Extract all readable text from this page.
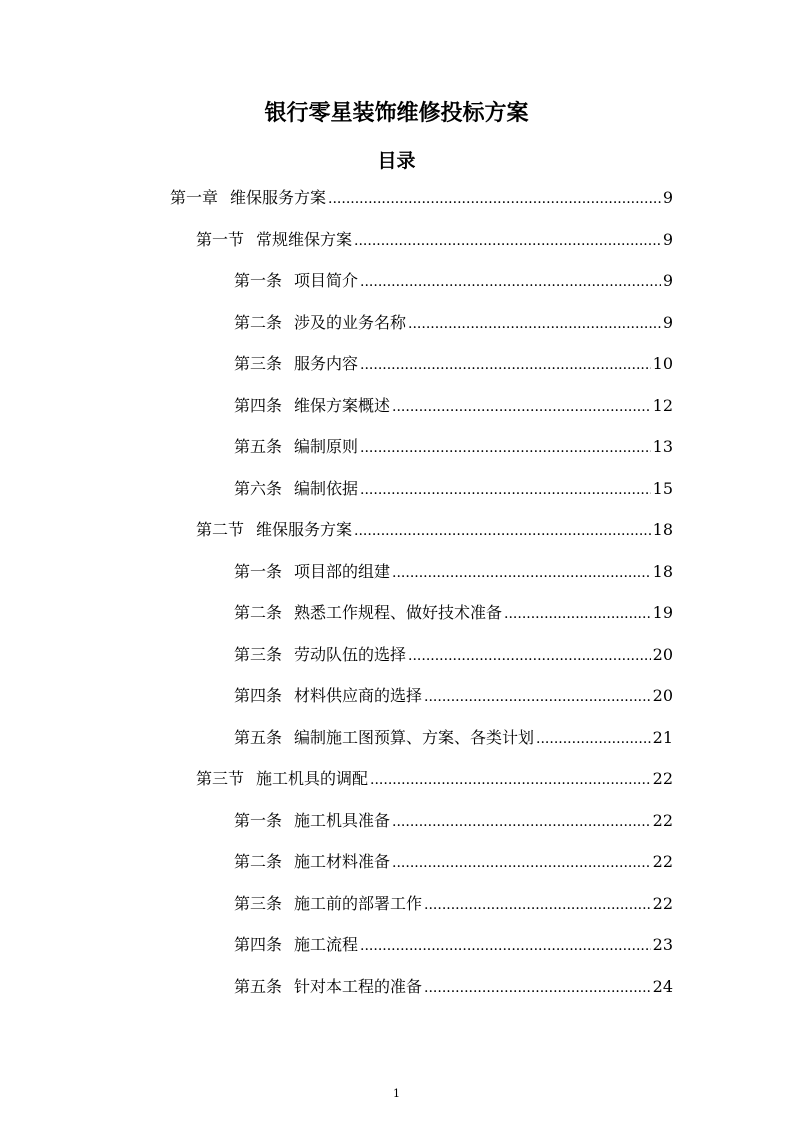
银行零星装饰维修投标方案
目录
第一章 维保服务方案 .....	9
第一节 常规维保方案 .....	9
第一条 项目简介 .....	9
第二条 涉及的业务名称 .....	9
第三条 服务内容 .....	10
第四条 维保方案概述 .....	12
第五条 编制原则 .....	13
第六条 编制依据 .....	15
第二节 维保服务方案 .....	18
第一条 项目部的组建 .....	18
第二条 熟悉工作规程、做好技术准备 .....	19
第三条 劳动队伍的选择 .....	20
第四条 材料供应商的选择 .....	20
第五条 编制施工图预算、方案、各类计划 .....	21
第三节 施工机具的调配 .....	22
第一条 施工机具准备 .....	22
第二条 施工材料准备 .....	22
第三条 施工前的部署工作 .....	22
第四条 施工流程 .....	23
第五条 针对本工程的准备 .....	24
1
